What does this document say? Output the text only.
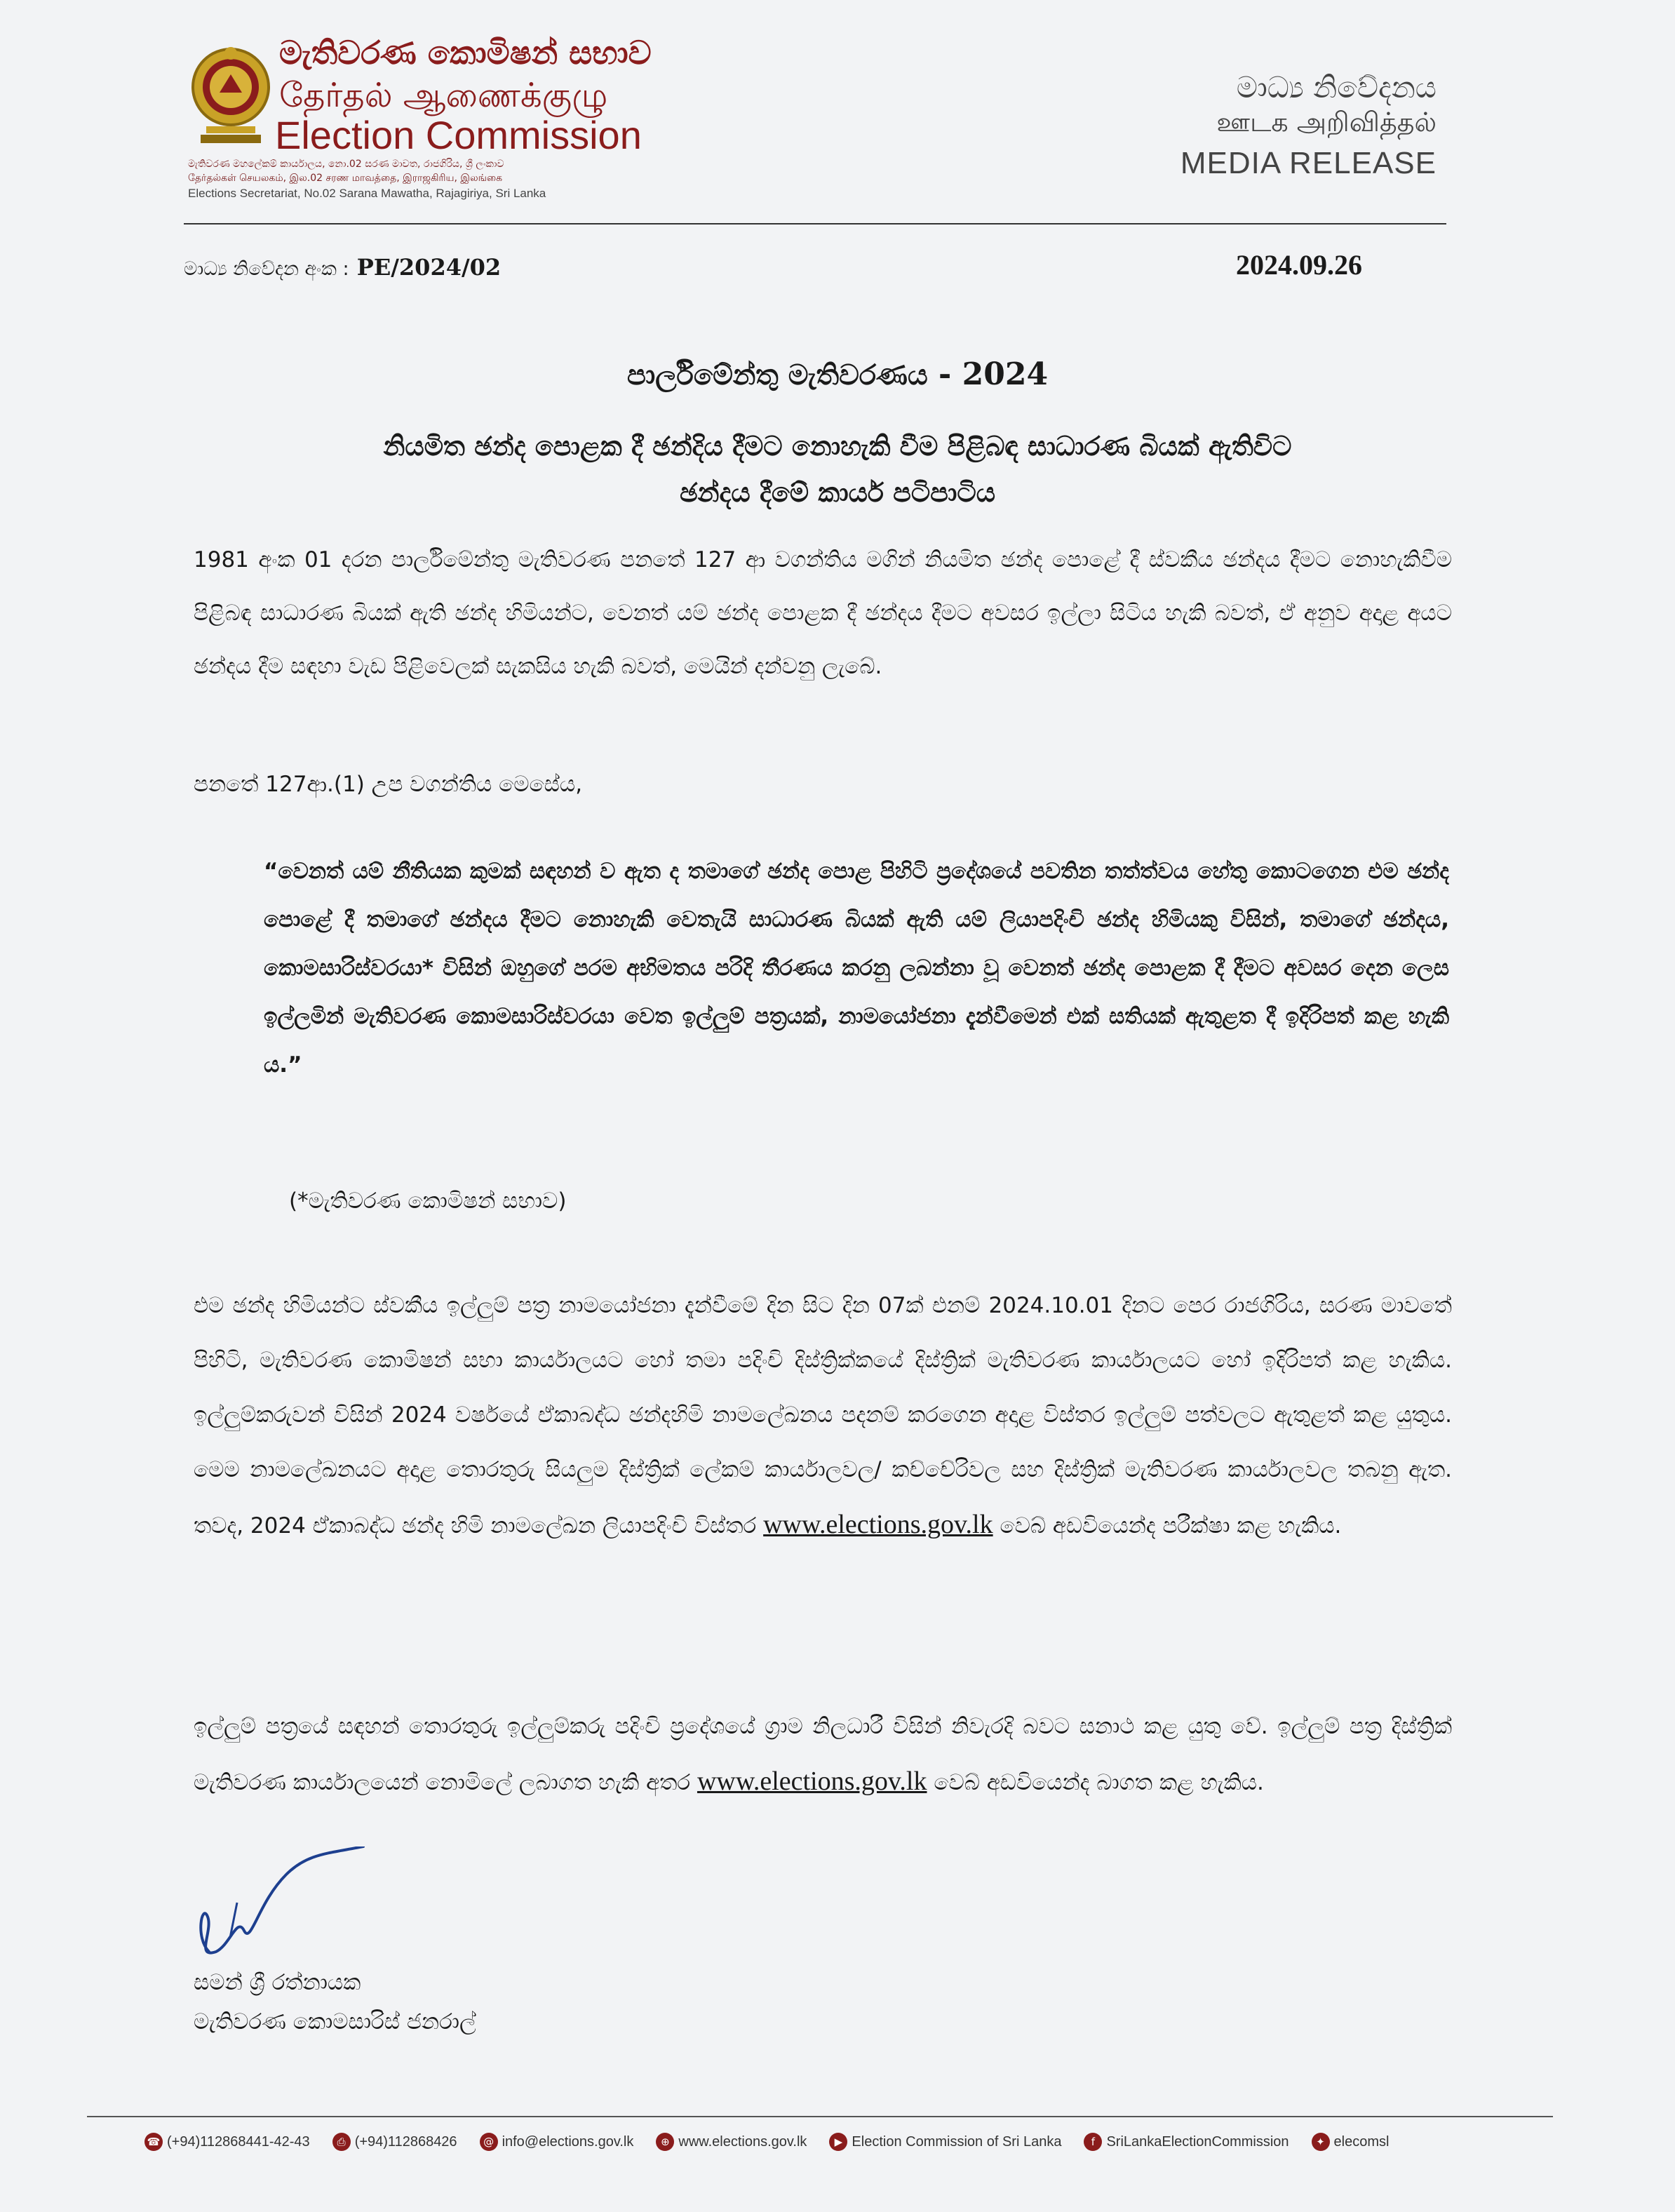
මැතිවරණ කොමිෂන් සභාව
தேர்தல் ஆணைக்குழு
Election Commission
මැතිවරණ මහලේකම් කාර්යාලය, නො.02 සරණ මාවත, රාජගිරිය, ශ්‍රී ලංකාව
தேர்தல்கள் செயலகம், இல.02 சரண மாவத்தை, இராஜகிரிய, இலங்கை
Elections Secretariat, No.02 Sarana Mawatha, Rajagiriya, Sri Lanka
මාධ්‍ය නිවේදනය
ஊடக அறிவித்தல்
MEDIA RELEASE
මාධ්‍ය නිවේදන අංක : PE/2024/02	2024.09.26
පාර්ලිමේන්තු මැතිවරණය - 2024
නියමිත ඡන්ද පොළක දී ඡන්දිය දීමට නොහැකි වීම පිළිබඳ සාධාරණ බියක් ඇතිවිට
ඡන්දය දීමේ කාර්ය පටිපාටිය

1981 අංක 01 දරන පාර්ලිමේන්තු මැතිවරණ පනතේ 127 ආ වගන්තිය මගින් නියමිත ඡන්ද පොළේ දී ස්වකීය ඡන්දය දීමට නොහැකිවීම පිළිබඳ සාධාරණ බියක් ඇති ඡන්ද හිමියන්ට, වෙනත් යම් ඡන්ද පොළක දී ඡන්දය දීමට අවසර ඉල්ලා සිටිය හැකි බවත්, ඒ අනුව අදාළ අයට ඡන්දය දීම සඳහා වැඩ පිළිවෙලක් සැකසිය හැකි බවත්, මෙයින් දන්වනු ලැබේ.

පනතේ 127ආ.(1) උප වගන්තිය මෙසේය,

“වෙනත් යම් නීතියක කුමක් සඳහන් ව ඇත ද තමාගේ ඡන්ද පොළ පිහිටි ප්‍රදේශයේ පවතින තත්ත්වය හේතු කොටගෙන එම ඡන්ද පොළේ දී තමාගේ ඡන්දය දීමට නොහැකි වෙතැයි සාධාරණ බියක් ඇති යම් ලියාපදිංචි ඡන්ද හිමියකු විසින්, තමාගේ ඡන්දය, කොමසාරිස්වරයා* විසින් ඔහුගේ පරම අභිමතය පරිදි තීරණය කරනු ලබන්නා වූ වෙනත් ඡන්ද පොළක දී දීමට අවසර දෙන ලෙස ඉල්ලමින් මැතිවරණ කොමසාරිස්වරයා වෙත ඉල්ලුම් පත්‍රයක්, නාමයෝජනා දැන්වීමෙන් එක් සතියක් ඇතුළත දී ඉදිරිපත් කළ හැකි ය.”

(*මැතිවරණ කොමිෂන් සභාව)

එම ඡන්ද හිමියන්ට ස්වකීය ඉල්ලුම් පත්‍ර නාමයෝජනා දැන්වීමේ දින සිට දින 07ක් එනම් 2024.10.01 දිනට පෙර රාජගිරිය, සරණ මාවතේ පිහිටි, මැතිවරණ කොමිෂන් සභා කාර්යාලයට හෝ තමා පදිංචි දිස්ත්‍රික්කයේ දිස්ත්‍රික් මැතිවරණ කාර්යාලයට හෝ ඉදිරිපත් කළ හැකිය. ඉල්ලුම්කරුවන් විසින් 2024 වර්ෂයේ ඒකාබද්ධ ඡන්දහිමි නාමලේඛනය පදනම් කරගෙන අදාළ විස්තර ඉල්ලුම් පත්වලට ඇතුළත් කළ යුතුය. මෙම නාමලේඛනයට අදාළ තොරතුරු සියලුම දිස්ත්‍රික් ලේකම් කාර්යාලවල/ කච්චේරිවල සහ දිස්ත්‍රික් මැතිවරණ කාර්යාලවල තබනු ඇත. තවද, 2024 ඒකාබද්ධ ඡන්ද හිමි නාමලේඛන ලියාපදිංචි විස්තර www.elections.gov.lk වෙබ් අඩවියෙන්ද පරීක්ෂා කළ හැකිය.

ඉල්ලුම් පත්‍රයේ සඳහන් තොරතුරු ඉල්ලුම්කරු පදිංචි ප්‍රදේශයේ ග්‍රාම නිලධාරී විසින් නිවැරදි බවට සනාථ කළ යුතු වේ. ඉල්ලුම් පත්‍ර දිස්ත්‍රික් මැතිවරණ කාර්යාලයෙන් නොමිලේ ලබාගත හැකි අතර www.elections.gov.lk වෙබ් අඩවියෙන්ද බාගත කළ හැකිය.

සමන් ශ්‍රී රත්නායක
මැතිවරණ කොමසාරිස් ජනරාල්
☎ (+94)112868441-42-43	⎙ (+94)112868426	@ info@elections.gov.lk	⊕ www.elections.gov.lk	▶ Election Commission of Sri Lanka	f SriLankaElectionCommission	✦ elecomsl
